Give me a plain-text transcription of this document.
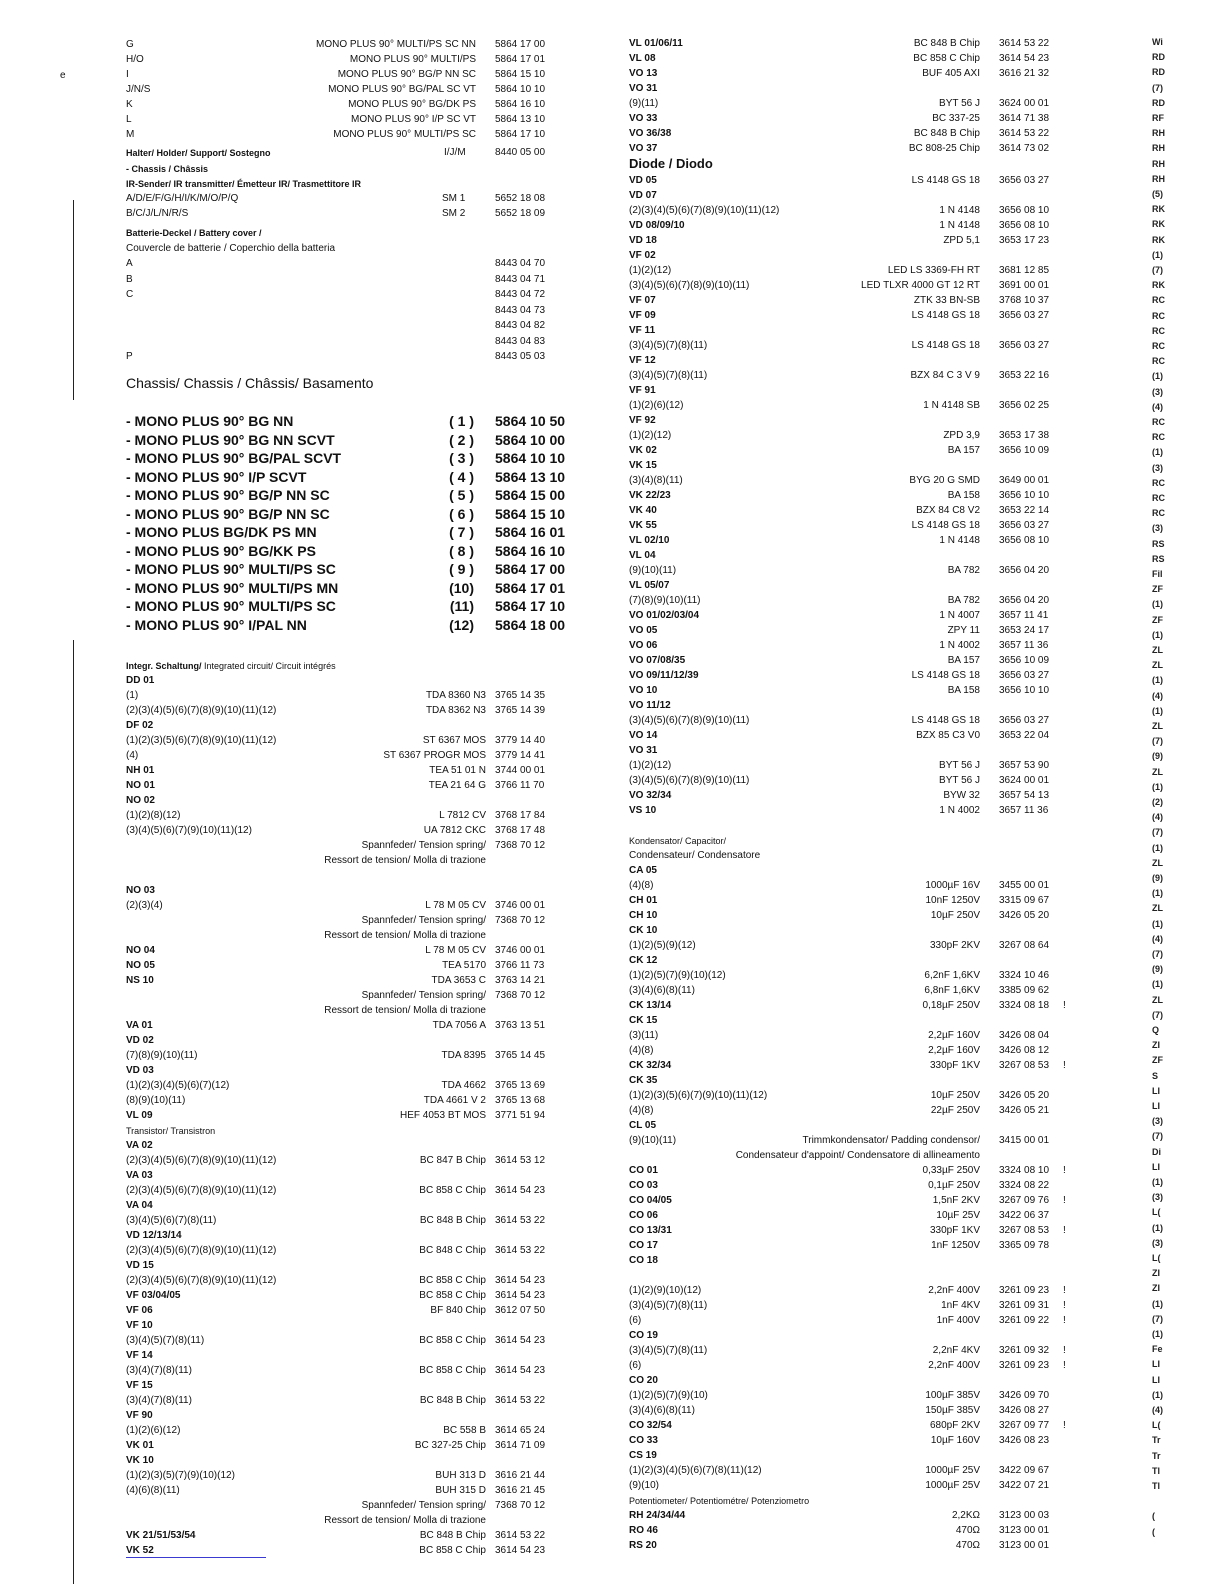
e
G	MONO PLUS 90° MULTI/PS SC NN 5864 17 00
H/O	MONO PLUS 90° MULTI/PS 5864 17 01
I	MONO PLUS 90° BG/P NN SC 5864 15 10
J/N/S	MONO PLUS 90° BG/PAL SC VT 5864 10 10
K	MONO PLUS 90° BG/DK PS 5864 16 10
L	MONO PLUS 90° I/P SC VT 5864 13 10
M	MONO PLUS 90° MULTI/PS SC 5864 17 10
Halter/ Holder/ Support/ Sostegno	I/J/M	8440 05 00
- Chassis / Châssis
IR-Sender/ IR transmitter/ Émetteur IR/ Trasmettitore IR
A/D/E/F/G/H/I/K/M/O/P/Q	SM 1	5652 18 08
B/C/J/L/N/R/S	SM 2	5652 18 09
Batterie-Deckel / Battery cover /
Couvercle de batterie / Coperchio della batteria
A	8443 04 70
B	8443 04 71
C	8443 04 72
8443 04 73
8443 04 82
8443 04 83
P	8443 05 03
Chassis/ Chassis / Châssis/ Basamento
- MONO PLUS 90° BG NN	( 1 ) 5864 10 50
- MONO PLUS 90° BG NN SCVT	( 2 ) 5864 10 00
- MONO PLUS 90° BG/PAL SCVT	( 3 ) 5864 10 10
- MONO PLUS 90° I/P SCVT	( 4 ) 5864 13 10
- MONO PLUS 90° BG/P NN SC	( 5 ) 5864 15 00
- MONO PLUS 90° BG/P NN SC	( 6 ) 5864 15 10
- MONO PLUS BG/DK PS MN	( 7 ) 5864 16 01
- MONO PLUS 90° BG/KK PS	( 8 ) 5864 16 10
- MONO PLUS 90° MULTI/PS SC	( 9 ) 5864 17 00
- MONO PLUS 90° MULTI/PS MN	(10) 5864 17 01
- MONO PLUS 90° MULTI/PS SC	(11) 5864 17 10
- MONO PLUS 90° I/PAL NN	(12) 5864 18 00
Integr. Schaltung/ Integrated circuit/ Circuit intégrés
DD 01
(1)	TDA 8360 N3 3765 14 35
(2)(3)(4)(5)(6)(7)(8)(9)(10)(11)(12)	TDA 8362 N3 3765 14 39
DF 02
(1)(2)(3)(5)(6)(7)(8)(9)(10)(11)(12)	ST 6367 MOS 3779 14 40
(4)	ST 6367 PROGR MOS 3779 14 41
NH 01	TEA 51 01 N 3744 00 01
NO 01	TEA 21 64 G 3766 11 70
NO 02
(1)(2)(8)(12)	L 7812 CV 3768 17 84
(3)(4)(5)(6)(7)(9)(10)(11)(12)	UA 7812 CKC 3768 17 48
Spannfeder/ Tension spring/ 7368 70 12
Ressort de tension/ Molla di trazione
NO 03
(2)(3)(4)	L 78 M 05 CV 3746 00 01
Spannfeder/ Tension spring/ 7368 70 12
Ressort de tension/ Molla di trazione
NO 04	L 78 M 05 CV 3746 00 01
NO 05	TEA 5170 3766 11 73
NS 10	TDA 3653 C 3763 14 21
Spannfeder/ Tension spring/ 7368 70 12
Ressort de tension/ Molla di trazione
VA 01	TDA 7056 A 3763 13 51
VD 02
(7)(8)(9)(10)(11)	TDA 8395 3765 14 45
VD 03
(1)(2)(3)(4)(5)(6)(7)(12)	TDA 4662 3765 13 69
(8)(9)(10)(11)	TDA 4661 V 2 3765 13 68
VL 09	HEF 4053 BT MOS 3771 51 94
Transistor/ Transistron
VA 02
(2)(3)(4)(5)(6)(7)(8)(9)(10)(11)(12)	BC 847 B Chip 3614 53 12
VA 03
(2)(3)(4)(5)(6)(7)(8)(9)(10)(11)(12)	BC 858 C Chip 3614 54 23
VA 04
(3)(4)(5)(6)(7)(8)(11)	BC 848 B Chip 3614 53 22
VD 12/13/14
(2)(3)(4)(5)(6)(7)(8)(9)(10)(11)(12)	BC 848 C Chip 3614 53 22
VD 15
(2)(3)(4)(5)(6)(7)(8)(9)(10)(11)(12)	BC 858 C Chip 3614 54 23
VF 03/04/05	BC 858 C Chip 3614 54 23
VF 06	BF 840 Chip 3612 07 50
VF 10
(3)(4)(5)(7)(8)(11)	BC 858 C Chip 3614 54 23
VF 14
(3)(4)(7)(8)(11)	BC 858 C Chip 3614 54 23
VF 15
(3)(4)(7)(8)(11)	BC 848 B Chip 3614 53 22
VF 90
(1)(2)(6)(12)	BC 558 B 3614 65 24
VK 01	BC 327-25 Chip 3614 71 09
VK 10
(1)(2)(3)(5)(7)(9)(10)(12)	BUH 313 D 3616 21 44
(4)(6)(8)(11)	BUH 315 D 3616 21 45
Spannfeder/ Tension spring/ 7368 70 12
Ressort de tension/ Molla di trazione
VK 21/51/53/54	BC 848 B Chip 3614 53 22
VK 52	BC 858 C Chip 3614 54 23
VL 01/06/11	BC 848 B Chip 3614 53 22
VL 08	BC 858 C Chip 3614 54 23
VO 13	BUF 405 AXI 3616 21 32
VO 31
(9)(11)	BYT 56 J 3624 00 01
VO 33	BC 337-25 3614 71 38
VO 36/38	BC 848 B Chip 3614 53 22
VO 37	BC 808-25 Chip 3614 73 02
Diode / Diodo
VD 05	LS 4148 GS 18 3656 03 27
VD 07
(2)(3)(4)(5)(6)(7)(8)(9)(10)(11)(12)	1 N 4148 3656 08 10
VD 08/09/10	1 N 4148 3656 08 10
VD 18	ZPD 5,1 3653 17 23
VF 02
(1)(2)(12)	LED LS 3369-FH RT 3681 12 85
(3)(4)(5)(6)(7)(8)(9)(10)(11)	LED TLXR 4000 GT 12 RT 3691 00 01
VF 07	ZTK 33 BN-SB 3768 10 37
VF 09	LS 4148 GS 18 3656 03 27
VF 11
(3)(4)(5)(7)(8)(11)	LS 4148 GS 18 3656 03 27
VF 12
(3)(4)(5)(7)(8)(11)	BZX 84 C 3 V 9 3653 22 16
VF 91
(1)(2)(6)(12)	1 N 4148 SB 3656 02 25
VF 92
(1)(2)(12)	ZPD 3,9 3653 17 38
VK 02	BA 157 3656 10 09
VK 15
(3)(4)(8)(11)	BYG 20 G SMD 3649 00 01
VK 22/23	BA 158 3656 10 10
VK 40	BZX 84 C8 V2 3653 22 14
VK 55	LS 4148 GS 18 3656 03 27
VL 02/10	1 N 4148 3656 08 10
VL 04
(9)(10)(11)	BA 782 3656 04 20
VL 05/07
(7)(8)(9)(10)(11)	BA 782 3656 04 20
VO 01/02/03/04	1 N 4007 3657 11 41
VO 05	ZPY 11 3653 24 17
VO 06	1 N 4002 3657 11 36
VO 07/08/35	BA 157 3656 10 09
VO 09/11/12/39	LS 4148 GS 18 3656 03 27
VO 10	BA 158 3656 10 10
VO 11/12
(3)(4)(5)(6)(7)(8)(9)(10)(11)	LS 4148 GS 18 3656 03 27
VO 14	BZX 85 C3 V0 3653 22 04
VO 31
(1)(2)(12)	BYT 56 J 3657 53 90
(3)(4)(5)(6)(7)(8)(9)(10)(11)	BYT 56 J 3624 00 01
VO 32/34	BYW 32 3657 54 13
VS 10	1 N 4002 3657 11 36
Kondensator/ Capacitor/
Condensateur/ Condensatore
CA 05
(4)(8)	1000µF 16V 3455 00 01
CH 01	10nF 1250V 3315 09 67
CH 10	10µF 250V 3426 05 20
CK 10
(1)(2)(5)(9)(12)	330pF 2KV 3267 08 64
CK 12
(1)(2)(5)(7)(9)(10)(12)	6,2nF 1,6KV 3324 10 46
(3)(4)(6)(8)(11)	6,8nF 1,6KV 3385 09 62
CK 13/14	0,18µF 250V 3324 08 18 !
CK 15
(3)(11)	2,2µF 160V 3426 08 04
(4)(8)	2,2µF 160V 3426 08 12
CK 32/34	330pF 1KV 3267 08 53 !
CK 35
(1)(2)(3)(5)(6)(7)(9)(10)(11)(12)	10µF 250V 3426 05 20
(4)(8)	22µF 250V 3426 05 21
CL 05
(9)(10)(11)	Trimmkondensator/ Padding condensor/ 3415 00 01
Condensateur d'appoint/ Condensatore di allineamento
CO 01	0,33µF 250V 3324 08 10 !
CO 03	0,1µF 250V 3324 08 22
CO 04/05	1,5nF 2KV 3267 09 76 !
CO 06	10µF 25V 3422 06 37
CO 13/31	330pF 1KV 3267 08 53 !
CO 17	1nF 1250V 3365 09 78
CO 18
(1)(2)(9)(10)(12)	2,2nF 400V 3261 09 23 !
(3)(4)(5)(7)(8)(11)	1nF 4KV 3261 09 31 !
(6)	1nF 400V 3261 09 22 !
CO 19
(3)(4)(5)(7)(8)(11)	2,2nF 4KV 3261 09 32 !
(6)	2,2nF 400V 3261 09 23 !
CO 20
(1)(2)(5)(7)(9)(10)	100µF 385V 3426 09 70
(3)(4)(6)(8)(11)	150µF 385V 3426 08 27
CO 32/54	680pF 2KV 3267 09 77 !
CO 33	10µF 160V 3426 08 23
CS 19
(1)(2)(3)(4)(5)(6)(7)(8)(11)(12)	1000µF 25V 3422 09 67
(9)(10)	1000µF 25V 3422 07 21
Potentiometer/ Potentiométre/ Potenziometro
RH 24/34/44	2,2KΩ 3123 00 03
RO 46	470Ω 3123 00 01
RS 20	470Ω 3123 00 01
Wi
RD
RD
(7)
RD
RF
RH
RH
RH
RH
(5)
RK
RK
RK
(1)
(7)
RK
RC
RC
RC
RC
RC
(1)
(3)
(4)
RC
RC
(1)
(3)
RC
RC
RC
(3)
RS
RS
Fil
ZF
(1)
ZF
(1)
ZL
ZL
(1)
(4)
(1)
ZL
(7)
(9)
ZL
(1)
(2)
(4)
(7)
(1)
ZL
(9)
(1)
ZL
(1)
(4)
(7)
(9)
(1)
ZL
(7)
Q
ZI
ZF
S
LI
LI
(3)
(7)
Di
LI
(1)
(3)
L(
(1)
(3)
L(
ZI
ZI
(1)
(7)
(1)
Fe
LI
LI
(1)
(4)
L(
Tr
Tr
Tl
Tl
(
(
